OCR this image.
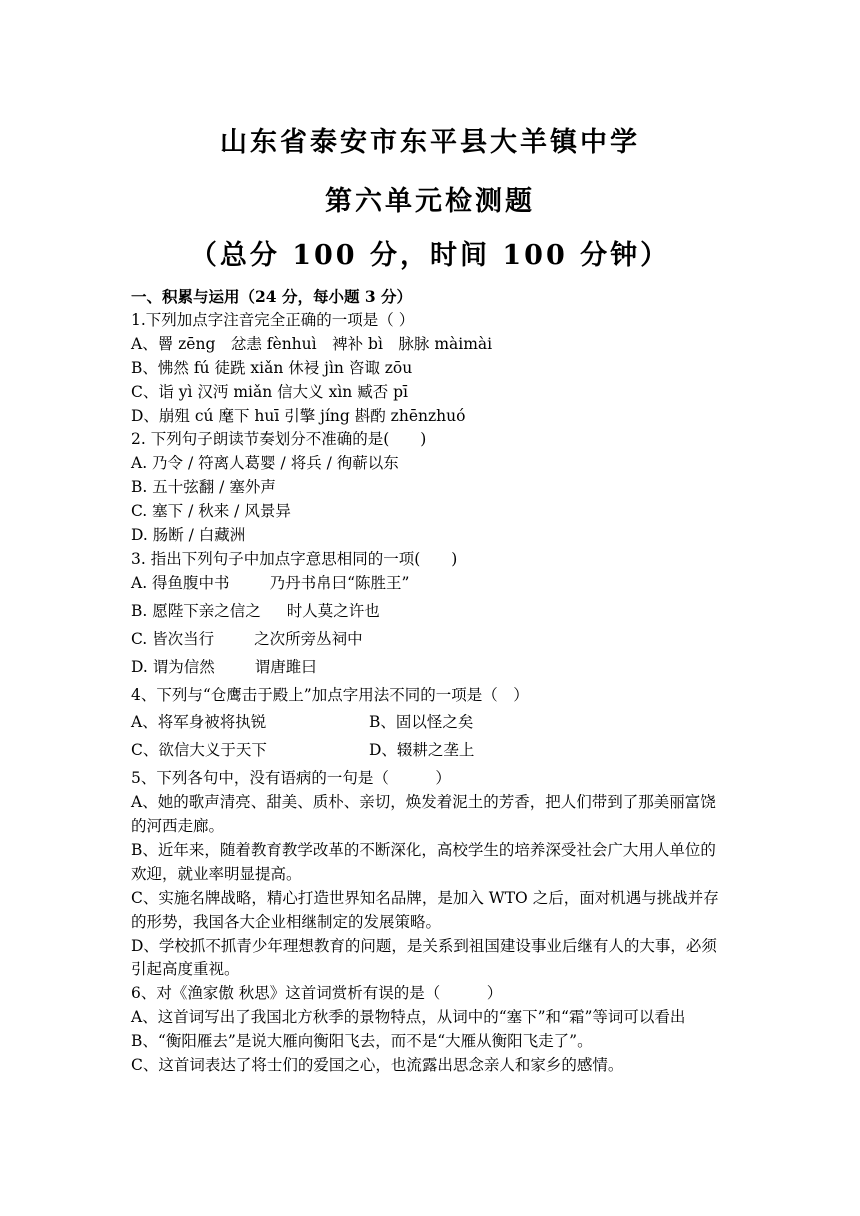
山东省泰安市东平县大羊镇中学
第六单元检测题
（总分 100 分，时间 100 分钟）
一、积累与运用（24 分，每小题 3 分）
1.下列加点字注音完全正确的一项是（ ）
A、罾 zēng　忿恚 fènhuì　裨补 bì　脉脉 màimài
B、怫然 fú 徒跣 xiǎn 休祲 jìn 咨诹 zōu
C、诣 yì 汉沔 miǎn 信大义 xìn 臧否 pī
D、崩殂 cú 麾下 huī 引擎 jíng 斟酌 zhēnzhuó
2. 下列句子朗读节奏划分不准确的是(　　)
A. 乃令 / 符离人葛婴 / 将兵 / 徇蕲以东
B. 五十弦翻 / 塞外声
C. 塞下 / 秋来 / 风景异
D. 肠断 / 白藏洲
3. 指出下列句子中加点字意思相同的一项(　　)
A. 得鱼腹中书	乃丹书帛曰“陈胜王”
B. 愿陛下亲之信之 时人莫之许也
C. 皆次当行	之次所旁丛祠中
D. 谓为信然	谓唐雎曰
4、下列与“仓鹰击于殿上”加点字用法不同的一项是（　）
A、将军身被将执锐	B、固以怪之矣
C、欲信大义于天下	D、辍耕之垄上
5、下列各句中，没有语病的一句是（　　　）
A、她的歌声清亮、甜美、质朴、亲切，焕发着泥土的芳香，把人们带到了那美丽富饶的河西走廊。
B、近年来，随着教育教学改革的不断深化，高校学生的培养深受社会广大用人单位的欢迎，就业率明显提高。
C、实施名牌战略，精心打造世界知名品牌，是加入 WTO 之后，面对机遇与挑战并存的形势，我国各大企业相继制定的发展策略。
D、学校抓不抓青少年理想教育的问题，是关系到祖国建设事业后继有人的大事，必须引起高度重视。
6、对《渔家傲 秋思》这首词赏析有误的是（　　　）
A、这首词写出了我国北方秋季的景物特点，从词中的“塞下”和“霜”等词可以看出
B、“衡阳雁去”是说大雁向衡阳飞去，而不是“大雁从衡阳飞走了”。
C、这首词表达了将士们的爱国之心，也流露出思念亲人和家乡的感情。
